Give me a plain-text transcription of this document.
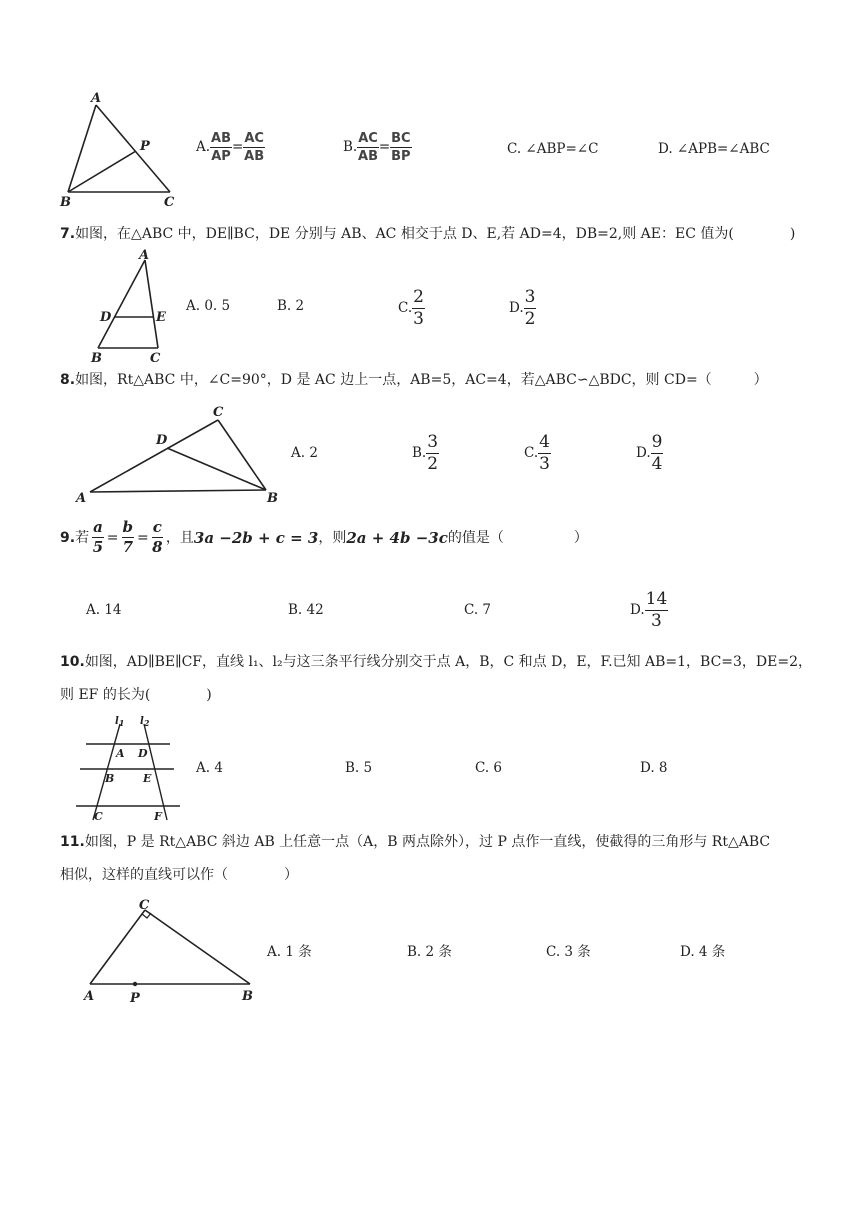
A
P
B	C
A. $\frac{AB}{AP} = \frac{AC}{AB}$	B. $\frac{AC}{AB} = \frac{BC}{BP}$	C. ∠ABP=∠C	D. ∠APB=∠ABC
7.如图，在△ABC 中，DE∥BC，DE 分别与 AB、AC 相交于点 D、E,若 AD=4，DB=2,则 AE：EC 值为(　　　　)
A
D	E
B	C
A. 0. 5	B. 2	C. $\frac{2}{3}$	D. $\frac{3}{2}$
8.如图，Rt△ABC 中，∠C=90°，D 是 AC 边上一点，AB=5，AC=4，若△ABC∽△BDC，则 CD=（　　　）
C
D
A	B
A. 2	B. $\frac{3}{2}$	C. $\frac{4}{3}$	D. $\frac{9}{4}$
9. 若 $\frac{a}{5} = \frac{b}{7} = \frac{c}{8}$ ，且 3a −2b + c = 3 ，则 2a + 4b −3c 的值是（　　　　　）
A. 14	B. 42	C. 7	D. $\frac{14}{3}$
10.如图，AD∥BE∥CF，直线 l₁、l₂与这三条平行线分别交于点 A，B，C 和点 D，E，F.已知 AB=1，BC=3，DE=2，
则 EF 的长为(　　　　)
$l_1$ $l_2$
A D
B	E
C	F
A. 4	B. 5	C. 6	D. 8
11.如图，P 是 Rt△ABC 斜边 AB 上任意一点（A，B 两点除外），过 P 点作一直线，使截得的三角形与 Rt△ABC
相似，这样的直线可以作（　　　　）
C
A	P	B
A. 1 条	B. 2 条	C. 3 条	D. 4 条
